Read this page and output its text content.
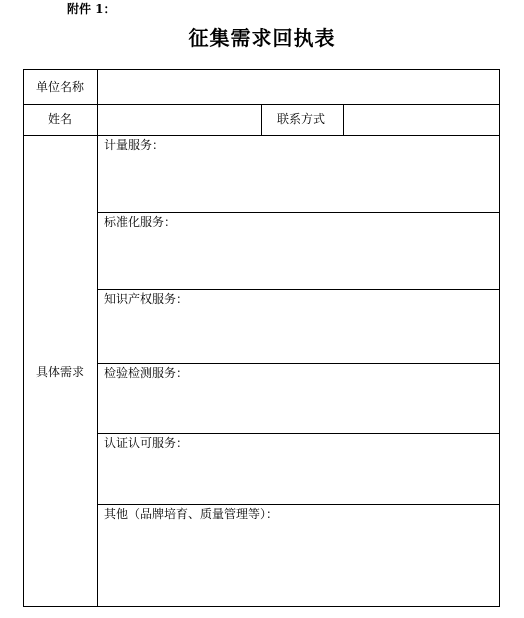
附件 1：
征集需求回执表
单位名称
姓名	联系方式
具体需求
计量服务：
标准化服务：
知识产权服务：
检验检测服务：
认证认可服务：
其他（品牌培育、质量管理等）：
